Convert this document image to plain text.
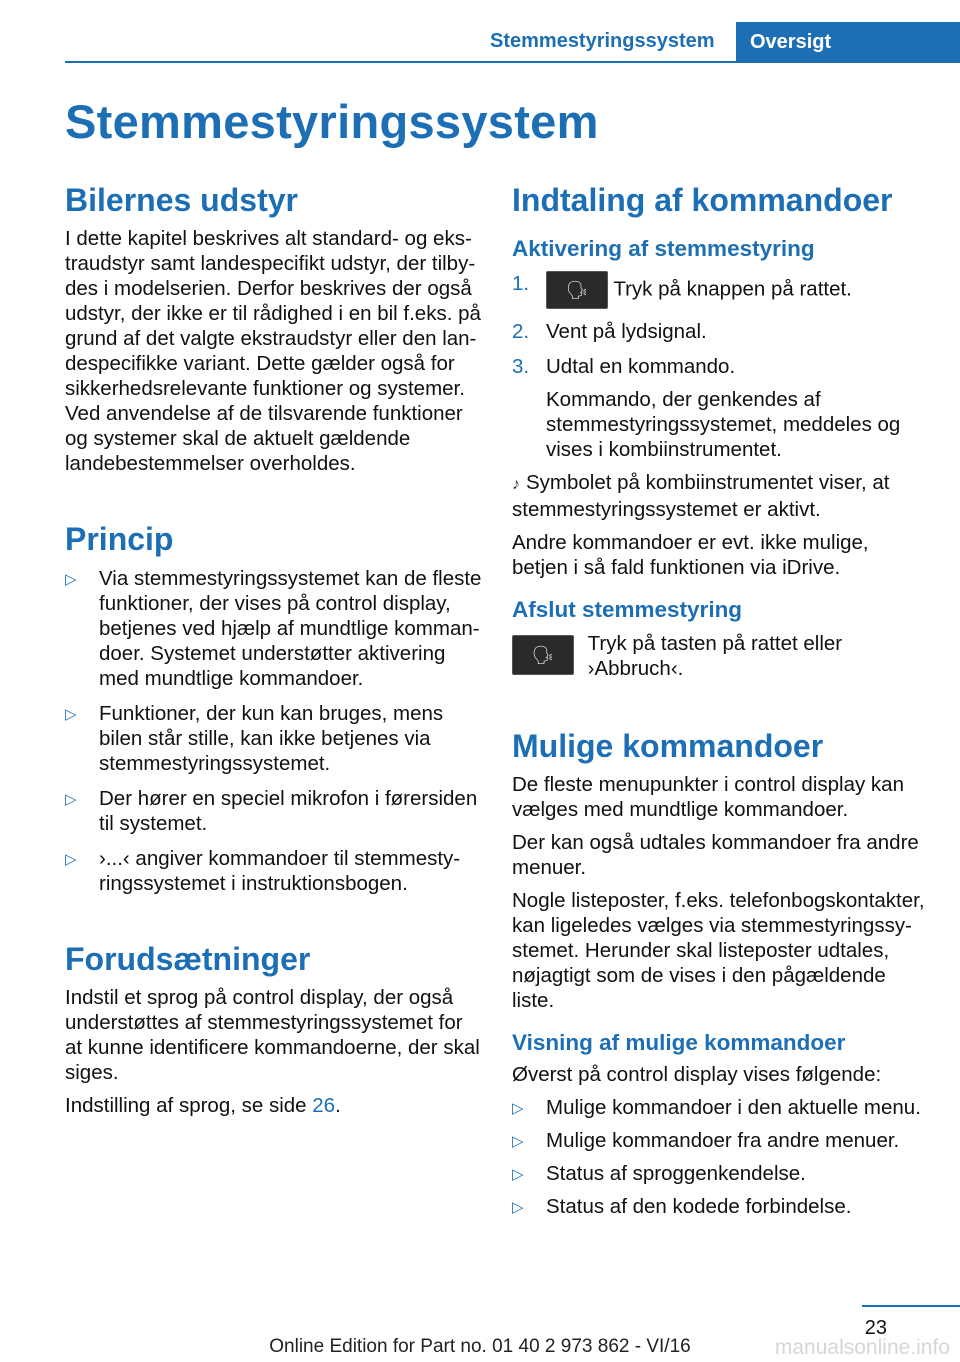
Stemmestyringssystem	Oversigt
Stemmestyringssystem
Bilernes udstyr

I dette kapitel beskrives alt standard- og ekstraudstyr samt landespecifikt udstyr, der tilbydes i modelserien. Derfor beskrives der også udstyr, der ikke er til rådighed i en bil f.eks. på grund af det valgte ekstraudstyr eller den landespecifikke variant. Dette gælder også for sikkerhedsrelevante funktioner og systemer. Ved anvendelse af de tilsvarende funktioner og systemer skal de aktuelt gældende landebestemmelser overholdes.

Princip
▷ Via stemmestyringssystemet kan de fleste funktioner, der vises på control display, betjenes ved hjælp af mundtlige kommandoer. Systemet understøtter aktivering med mundtlige kommandoer.
▷ Funktioner, der kun kan bruges, mens bilen står stille, kan ikke betjenes via stemmestyringssystemet.
▷ Der hører en speciel mikrofon i førersiden til systemet.
▷ ›...‹ angiver kommandoer til stemmestyringssystemet i instruktionsbogen.
Forudsætninger

Indstil et sprog på control display, der også understøttes af stemmestyringssystemet for at kunne identificere kommandoerne, der skal siges.

Indstilling af sprog, se side 26.

Indtaling af kommandoer
Aktivering af stemmestyring
1. 🗣 Tryk på knappen på rattet.
2. Vent på lydsignal.
3. Udtal en kommando.
Kommando, der genkendes af stemmestyringssystemet, meddeles og vises i kombiinstrumentet.

♪ Symbolet på kombiinstrumentet viser, at stemmestyringssystemet er aktivt.

Andre kommandoer er evt. ikke mulige, betjen i så fald funktionen via iDrive.

Afslut stemmestyring
🗣	Tryk på tasten på rattet eller ›Abbruch‹.

Mulige kommandoer

De fleste menupunkter i control display kan vælges med mundtlige kommandoer.

Der kan også udtales kommandoer fra andre menuer.

Nogle listeposter, f.eks. telefonbogskontakter, kan ligeledes vælges via stemmestyringssystemet. Herunder skal listeposter udtales, nøjagtigt som de vises i den pågældende liste.

Visning af mulige kommandoer

Øverst på control display vises følgende:

▷ Mulige kommandoer i den aktuelle menu.
▷ Mulige kommandoer fra andre menuer.
▷ Status af sproggenkendelse.
▷ Status af den kodede forbindelse.
23
Online Edition for Part no. 01 40 2 973 862 - VI/16	manualsonline.info
